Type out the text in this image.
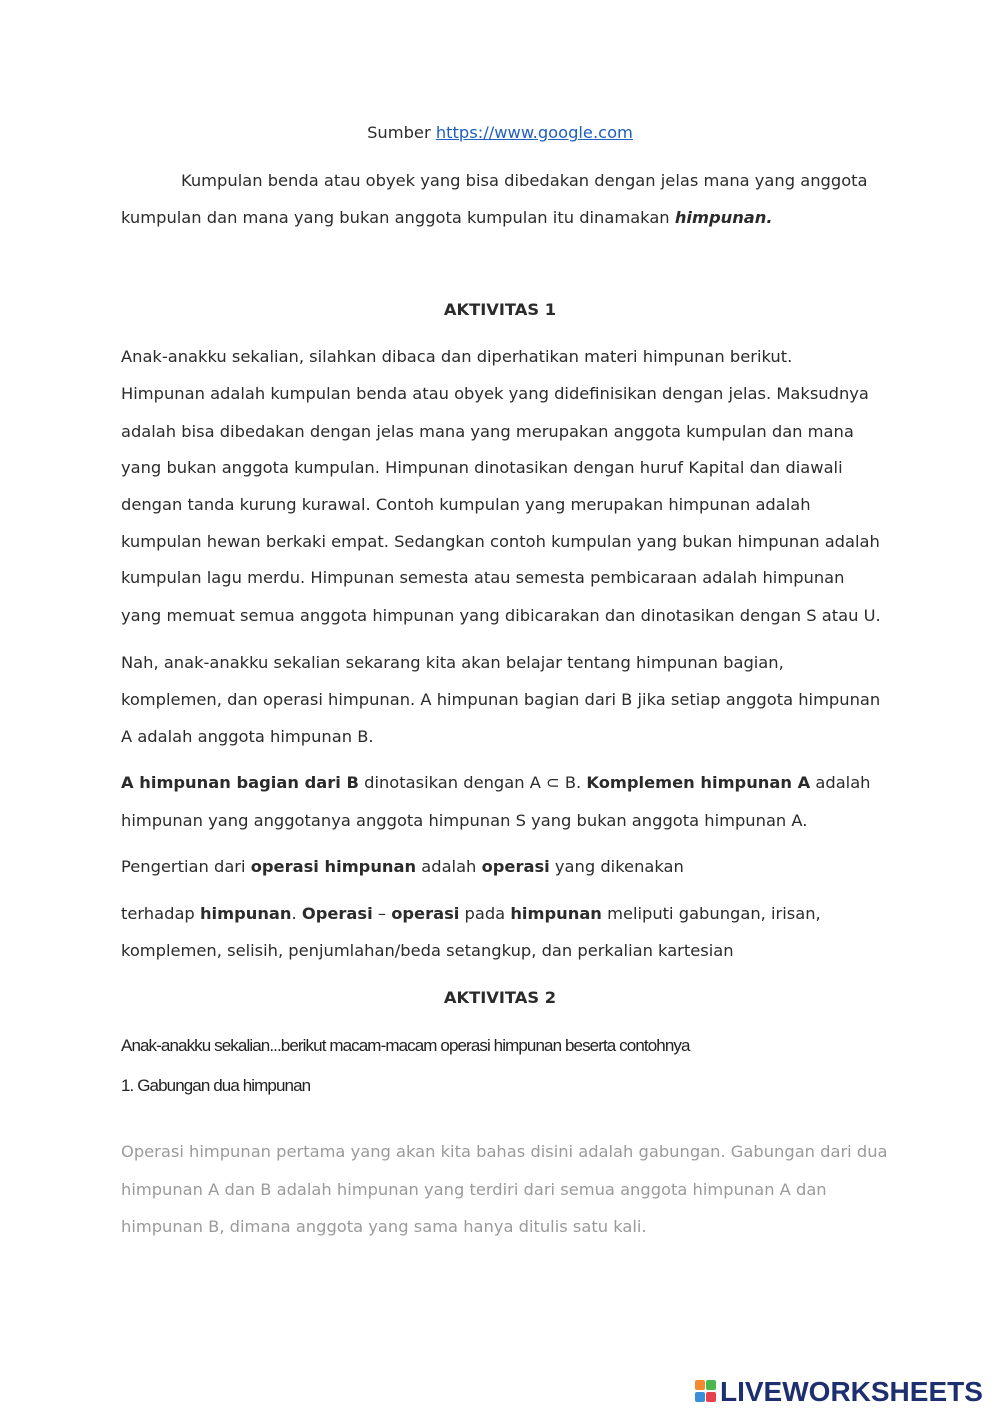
Sumber https://www.google.com

Kumpulan benda atau obyek yang bisa dibedakan dengan jelas mana yang anggota

kumpulan dan mana yang bukan anggota kumpulan itu dinamakan himpunan.

AKTIVITAS 1

Anak-anakku sekalian, silahkan dibaca dan diperhatikan materi himpunan berikut.

Himpunan adalah kumpulan benda atau obyek yang didefinisikan dengan jelas. Maksudnya

adalah bisa dibedakan dengan jelas mana yang merupakan anggota kumpulan dan mana

yang bukan anggota kumpulan. Himpunan dinotasikan dengan huruf Kapital dan diawali

dengan tanda kurung kurawal. Contoh kumpulan yang merupakan himpunan adalah

kumpulan hewan berkaki empat. Sedangkan contoh kumpulan yang bukan himpunan adalah

kumpulan lagu merdu. Himpunan semesta atau semesta pembicaraan adalah himpunan

yang memuat semua anggota himpunan yang dibicarakan dan dinotasikan dengan S atau U.

Nah, anak-anakku sekalian sekarang kita akan belajar tentang himpunan bagian,

komplemen, dan operasi himpunan. A himpunan bagian dari B jika setiap anggota himpunan

A adalah anggota himpunan B.

A himpunan bagian dari B dinotasikan dengan A ⊂ B. Komplemen himpunan A adalah

himpunan yang anggotanya anggota himpunan S yang bukan anggota himpunan A.

Pengertian dari operasi himpunan adalah operasi yang dikenakan

terhadap himpunan. Operasi – operasi pada himpunan meliputi gabungan, irisan,

komplemen, selisih, penjumlahan/beda setangkup, dan perkalian kartesian

AKTIVITAS 2

Anak-anakku sekalian...berikut macam-macam operasi himpunan beserta contohnya

1. Gabungan dua himpunan

Operasi himpunan pertama yang akan kita bahas disini adalah gabungan. Gabungan dari dua

himpunan A dan B adalah himpunan yang terdiri dari semua anggota himpunan A dan

himpunan B, dimana anggota yang sama hanya ditulis satu kali.

LIVEWORKSHEETS
